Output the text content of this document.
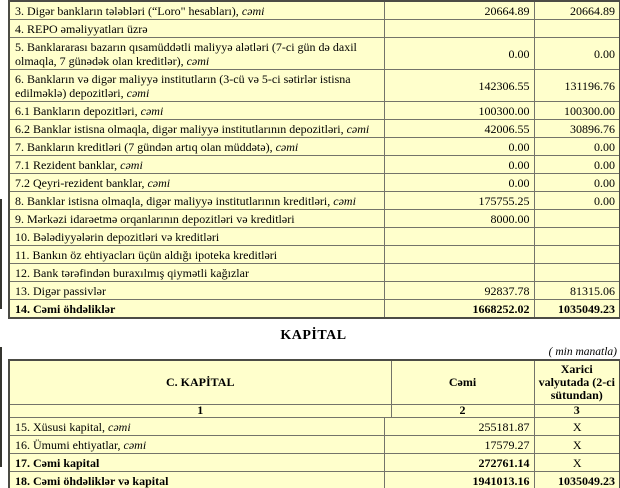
3. Digər bankların tələbləri (“Loro" hesabları), cəmi	20664.89	20664.89
4. REPO əməliyyatları üzrə		
5. Banklararası bazarın qısamüddətli maliyyə alətləri (7-ci gün də daxil olmaqla, 7 günədək olan kreditlər), cəmi	0.00	0.00
6. Bankların və digər maliyyə institutların (3-cü və 5-ci sətirlər istisna edilməklə) depozitləri, cəmi	142306.55	131196.76
6.1 Bankların depozitləri, cəmi	100300.00	100300.00
6.2 Banklar istisna olmaqla, digər maliyyə institutlarının depozitləri, cəmi	42006.55	30896.76
7. Bankların kreditləri (7 gündən artıq olan müddətə), cəmi	0.00	0.00
7.1 Rezident banklar, cəmi	0.00	0.00
7.2 Qeyri-rezident banklar, cəmi	0.00	0.00
8. Banklar istisna olmaqla, digər maliyyə institutlarının kreditləri, cəmi	175755.25	0.00
9. Mərkəzi idarəetmə orqanlarının depozitləri və kreditləri	8000.00	
10. Bələdiyyələrin depozitləri və kreditləri		
11. Bankın öz ehtiyacları üçün aldığı ipoteka kreditləri		
12. Bank tərəfindən buraxılmış qiymətli kağızlar		
13. Digər passivlər	92837.78	81315.06
14. Cəmi öhdəliklər	1668252.02	1035049.23
KAPİTAL
( min manatla)
C. KAPİTAL	Cəmi	Xarici valyutada (2-ci sütundan)
1	2	3
15. Xüsusi kapital, cəmi	255181.87	X
16. Ümumi ehtiyatlar, cəmi	17579.27	X
17. Cəmi kapital	272761.14	X
18. Cəmi öhdəliklər və kapital	1941013.16	1035049.23
